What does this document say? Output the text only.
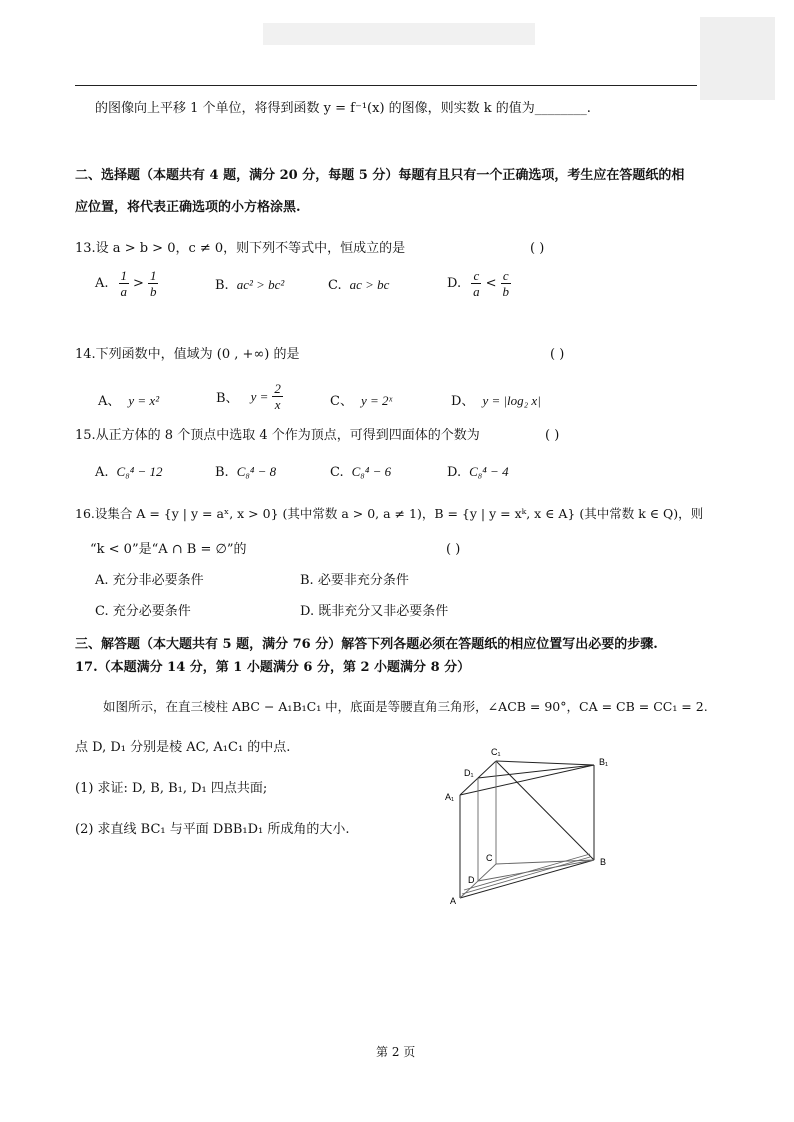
的图像向上平移 1 个单位，将得到函数 y = f⁻¹(x) 的图像，则实数 k 的值为________.
二、选择题（本题共有 4 题，满分 20 分，每题 5 分）每题有且只有一个正确选项，考生应在答题纸的相
应位置，将代表正确选项的小方格涂黑.
13.设 a > b > 0，c ≠ 0，则下列不等式中，恒成立的是	( )
A. $\frac{1}{a} > \frac{1}{b}$	B. ac² > bc²	C. ac > bc	D. $\frac{c}{a} < \frac{c}{b}$
14.下列函数中，值域为 (0 , +∞) 的是	( )
A、 y = x²	B、 $y = \frac{2}{x}$	C、 y = 2ˣ	D、 y = |log₂ x|
15.从正方体的 8 个顶点中选取 4 个作为顶点，可得到四面体的个数为	( )
A. C₈⁴ − 12	B. C₈⁴ − 8	C. C₈⁴ − 6	D. C₈⁴ − 4
16.设集合 A = {y | y = aˣ, x > 0} (其中常数 a > 0, a ≠ 1)，B = {y | y = xᵏ, x ∈ A} (其中常数 k ∈ Q)，则
“k < 0”是“A ∩ B = ∅”的	( )
A. 充分非必要条件	B. 必要非充分条件
C. 充分必要条件	D. 既非充分又非必要条件
三、解答题（本大题共有 5 题，满分 76 分）解答下列各题必须在答题纸的相应位置写出必要的步骤.
17.（本题满分 14 分，第 1 小题满分 6 分，第 2 小题满分 8 分）
如图所示，在直三棱柱 ABC − A₁B₁C₁ 中，底面是等腰直角三角形，∠ACB = 90°，CA = CB = CC₁ = 2.
点 D, D₁ 分别是棱 AC, A₁C₁ 的中点.
(1) 求证: D, B, B₁, D₁ 四点共面;
(2) 求直线 BC₁ 与平面 DBB₁D₁ 所成角的大小.
C₁
D₁
A₁
B₁
C
D
A
B
第 2 页
